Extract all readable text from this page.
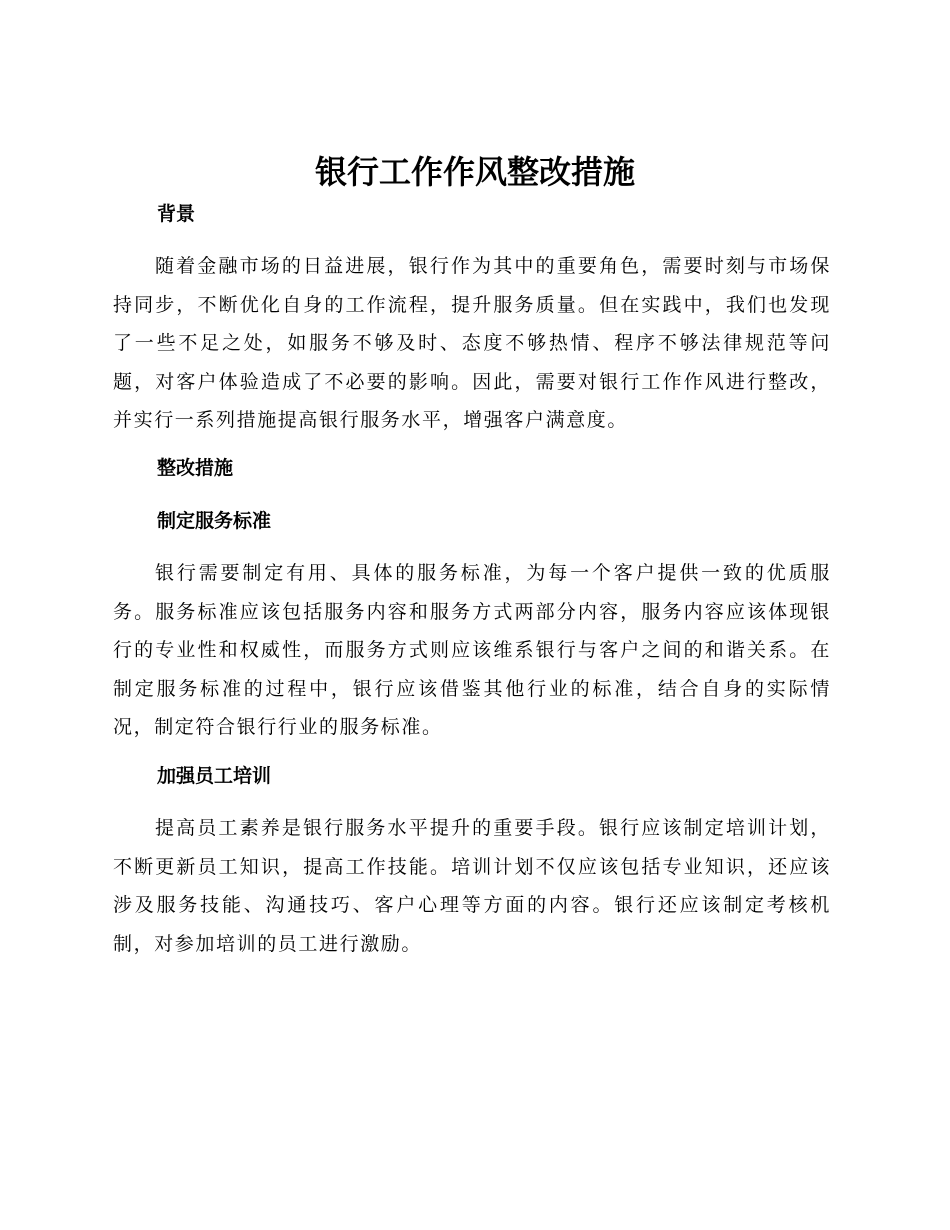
银行工作作风整改措施
背景

随着金融市场的日益进展，银行作为其中的重要角色，需要时刻与市场保持同步，不断优化自身的工作流程，提升服务质量。但在实践中，我们也发现了一些不足之处，如服务不够及时、态度不够热情、程序不够法律规范等问题，对客户体验造成了不必要的影响。因此，需要对银行工作作风进行整改，并实行一系列措施提高银行服务水平，增强客户满意度。

整改措施
制定服务标准

银行需要制定有用、具体的服务标准，为每一个客户提供一致的优质服务。服务标准应该包括服务内容和服务方式两部分内容，服务内容应该体现银行的专业性和权威性，而服务方式则应该维系银行与客户之间的和谐关系。在制定服务标准的过程中，银行应该借鉴其他行业的标准，结合自身的实际情况，制定符合银行行业的服务标准。

加强员工培训

提高员工素养是银行服务水平提升的重要手段。银行应该制定培训计划，不断更新员工知识，提高工作技能。培训计划不仅应该包括专业知识，还应该涉及服务技能、沟通技巧、客户心理等方面的内容。银行还应该制定考核机制，对参加培训的员工进行激励。
